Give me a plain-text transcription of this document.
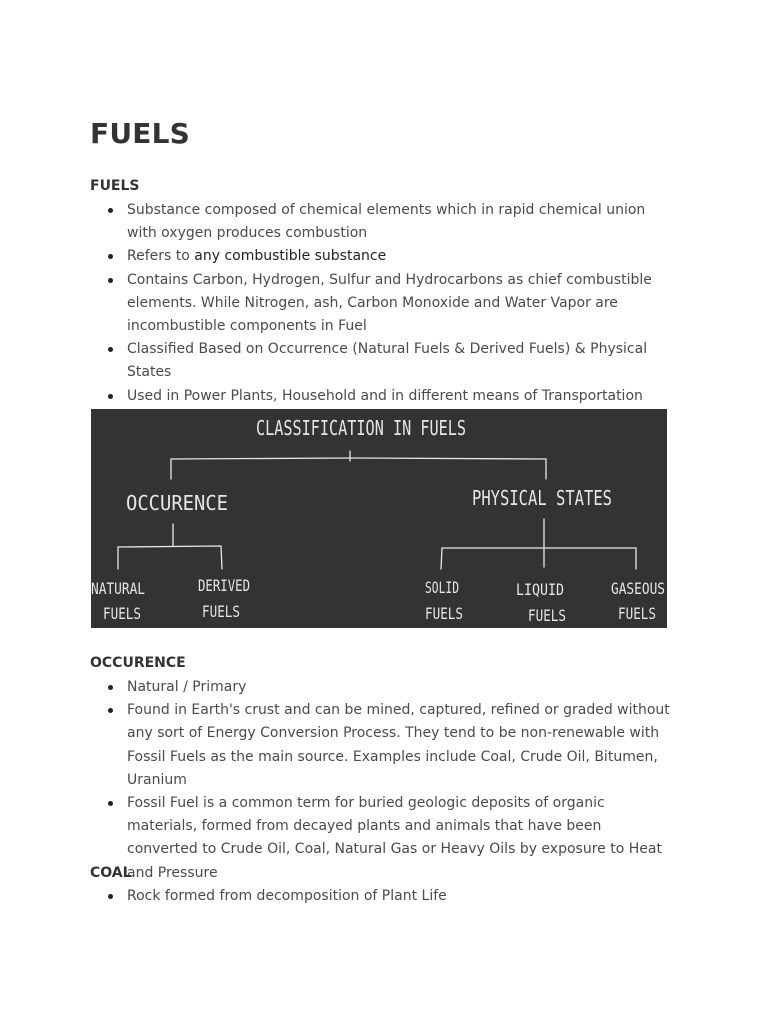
FUELS
FUELS
Substance composed of chemical elements which in rapid chemical union with oxygen produces combustion
Refers to any combustible substance
Contains Carbon, Hydrogen, Sulfur and Hydrocarbons as chief combustible elements. While Nitrogen, ash, Carbon Monoxide and Water Vapor are incombustible components in Fuel
Classified Based on Occurrence (Natural Fuels & Derived Fuels) & Physical States
Used in Power Plants, Household and in different means of Transportation
CLASSIFICATION IN FUELS
OCCURENCE	PHYSICAL STATES
NATURAL
FUELS
DERIVED
FUELS
SOLID
FUELS
LIQUID
FUELS
GASEOUS
FUELS
OCCURENCE
Natural / Primary
Found in Earth's crust and can be mined, captured, refined or graded without any sort of Energy Conversion Process. They tend to be non-renewable with Fossil Fuels as the main source. Examples include Coal, Crude Oil, Bitumen, Uranium
Fossil Fuel is a common term for buried geologic deposits of organic materials, formed from decayed plants and animals that have been converted to Crude Oil, Coal, Natural Gas or Heavy Oils by exposure to Heat and Pressure
COAL
Rock formed from decomposition of Plant Life
